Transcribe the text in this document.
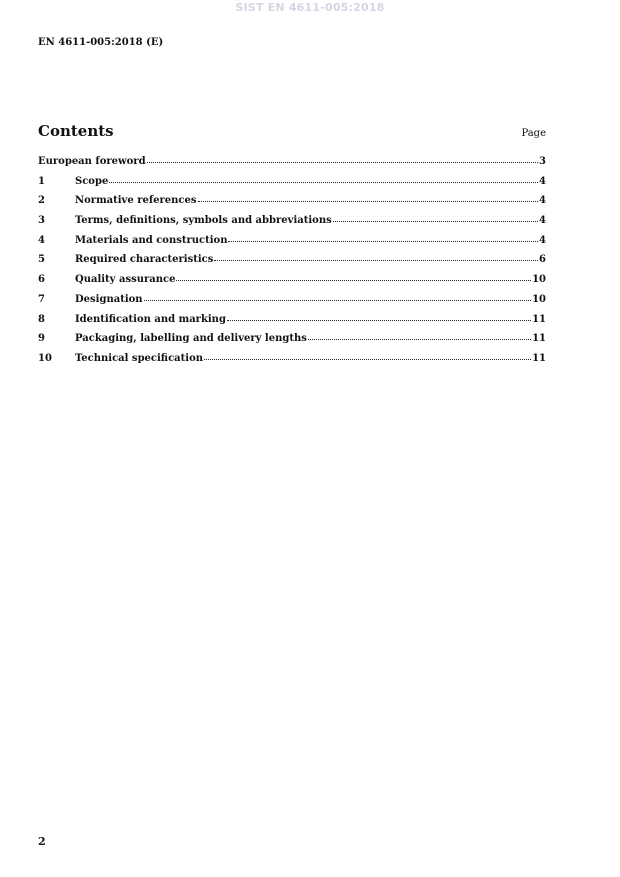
SIST EN 4611-005:2018
EN 4611-005:2018 (E)
Contents	Page
European foreword	3
1	Scope	4
2	Normative references	4
3	Terms, definitions, symbols and abbreviations	4
4	Materials and construction	4
5	Required characteristics	6
6	Quality assurance	10
7	Designation	10
8	Identification and marking	11
9	Packaging, labelling and delivery lengths	11
10	Technical specification	11
2
